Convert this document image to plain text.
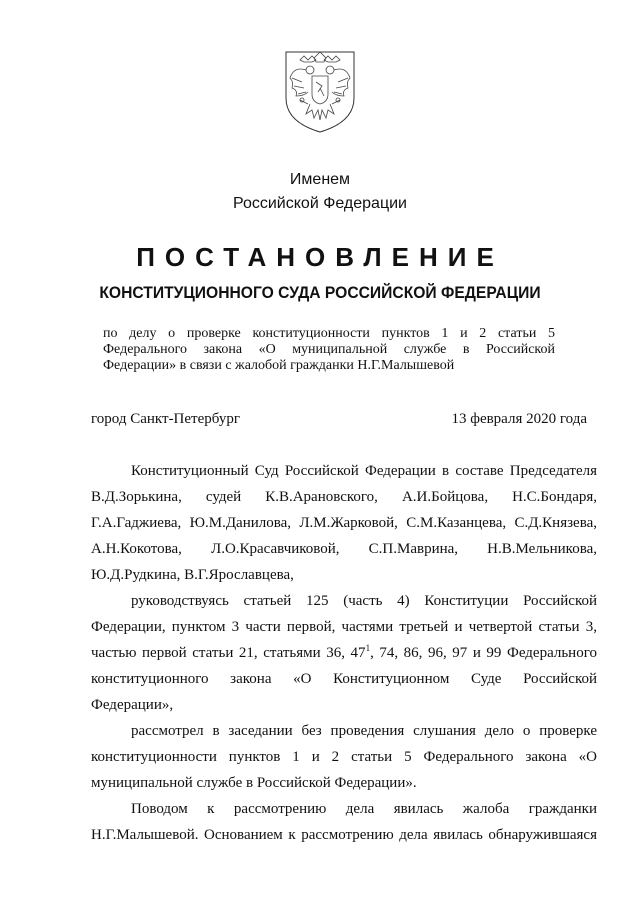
Именем
Российской Федерации
ПОСТАНОВЛЕНИЕ
КОНСТИТУЦИОННОГО СУДА РОССИЙСКОЙ ФЕДЕРАЦИИ
по делу о проверке конституционности пунктов 1 и 2 статьи 5
Федерального закона «О муниципальной службе в Российской
Федерации» в связи с жалобой гражданки Н.Г.Малышевой
город Санкт-Петербург	13 февраля 2020 года
Конституционный Суд Российской Федерации в составе Председателя
В.Д.Зорькина, судей К.В.Арановского, А.И.Бойцова, Н.С.Бондаря,
Г.А.Гаджиева, Ю.М.Данилова, Л.М.Жарковой, С.М.Казанцева, С.Д.Князева,
А.Н.Кокотова, Л.О.Красавчиковой, С.П.Маврина, Н.В.Мельникова,
Ю.Д.Рудкина, В.Г.Ярославцева,
руководствуясь статьей 125 (часть 4) Конституции Российской
Федерации, пунктом 3 части первой, частями третьей и четвертой статьи 3,
частью первой статьи 21, статьями 36, $47^1$, 74, 86, 96, 97 и 99 Федерального
конституционного закона «О Конституционном Суде Российской
Федерации»,
рассмотрел в заседании без проведения слушания дело о проверке
конституционности пунктов 1 и 2 статьи 5 Федерального закона «О
муниципальной службе в Российской Федерации».
Поводом к рассмотрению дела явилась жалоба гражданки
Н.Г.Малышевой. Основанием к рассмотрению дела явилась обнаружившаяся
